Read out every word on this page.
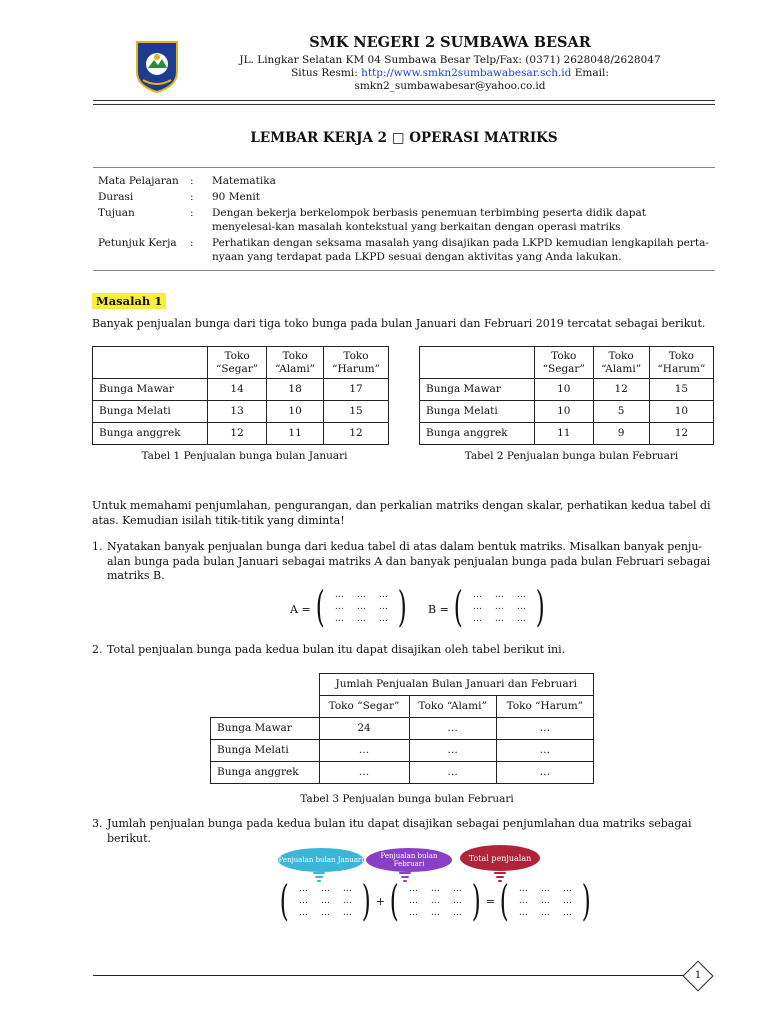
SMK NEGERI 2 SUMBAWA BESAR
JL. Lingkar Selatan KM 04 Sumbawa Besar Telp/Fax: (0371) 2628048/2628047
Situs Resmi: http://www.smkn2sumbawabesar.sch.id Email:
smkn2_sumbawabesar@yahoo.co.id
LEMBAR KERJA 2 □ OPERASI MATRIKS
Mata Pelajaran	:	Matematika
Durasi	:	90 Menit
Tujuan	:	Dengan bekerja berkelompok berbasis penemuan terbimbing peserta didik dapat menyelesai-kan masalah kontekstual yang berkaitan dengan operasi matriks
Petunjuk Kerja	:	Perhatikan dengan seksama masalah yang disajikan pada LKPD kemudian lengkapilah perta-nyaan yang terdapat pada LKPD sesuai dengan aktivitas yang Anda lakukan.
Masalah 1
Banyak penjualan bunga dari tiga toko bunga pada bulan Januari dan Februari 2019 tercatat sebagai berikut.
	Toko “Segar”	Toko “Alami”	Toko “Harum”
Bunga Mawar	14	18	17
Bunga Melati	13	10	15
Bunga anggrek	12	11	12
Tabel 1 Penjualan bunga bulan Januari
	Toko “Segar”	Toko “Alami”	Toko “Harum”
Bunga Mawar	10	12	15
Bunga Melati	10	5	10
Bunga anggrek	11	9	12
Tabel 2 Penjualan bunga bulan Februari
Untuk memahami penjumlahan, pengurangan, dan perkalian matriks dengan skalar, perhatikan kedua tabel di atas. Kemudian isilah titik-titik yang diminta!
1. Nyatakan banyak penjualan bunga dari kedua tabel di atas dalam bentuk matriks. Misalkan banyak penju-alan bunga pada bulan Januari sebagai matriks A dan banyak penjualan bunga pada bulan Februari sebagai matriks B.
A = (	…	…	…
…	…	…
…	…	… ) B = (	…	…	…
…	…	…
…	…	… )
2. Total penjualan bunga pada kedua bulan itu dapat disajikan oleh tabel berikut ini.
	Jumlah Penjualan Bulan Januari dan Februari		
	Toko “Segar”	Toko “Alami”	Toko “Harum”
Bunga Mawar	24	…	…
Bunga Melati	…	…	…
Bunga anggrek	…	…	…
Tabel 3 Penjualan bunga bulan Februari
3. Jumlah penjualan bunga pada kedua bulan itu dapat disajikan sebagai penjumlahan dua matriks sebagai berikut.
Penjualan bulan Januari	Penjualan bulan Februari
Total penjualan
(	…	…	…
…	…	…
…	…	… ) + (	…	…	…
…	…	…
…	…	… ) = (	…	…	…
…	…	…
…	…	… )
1
